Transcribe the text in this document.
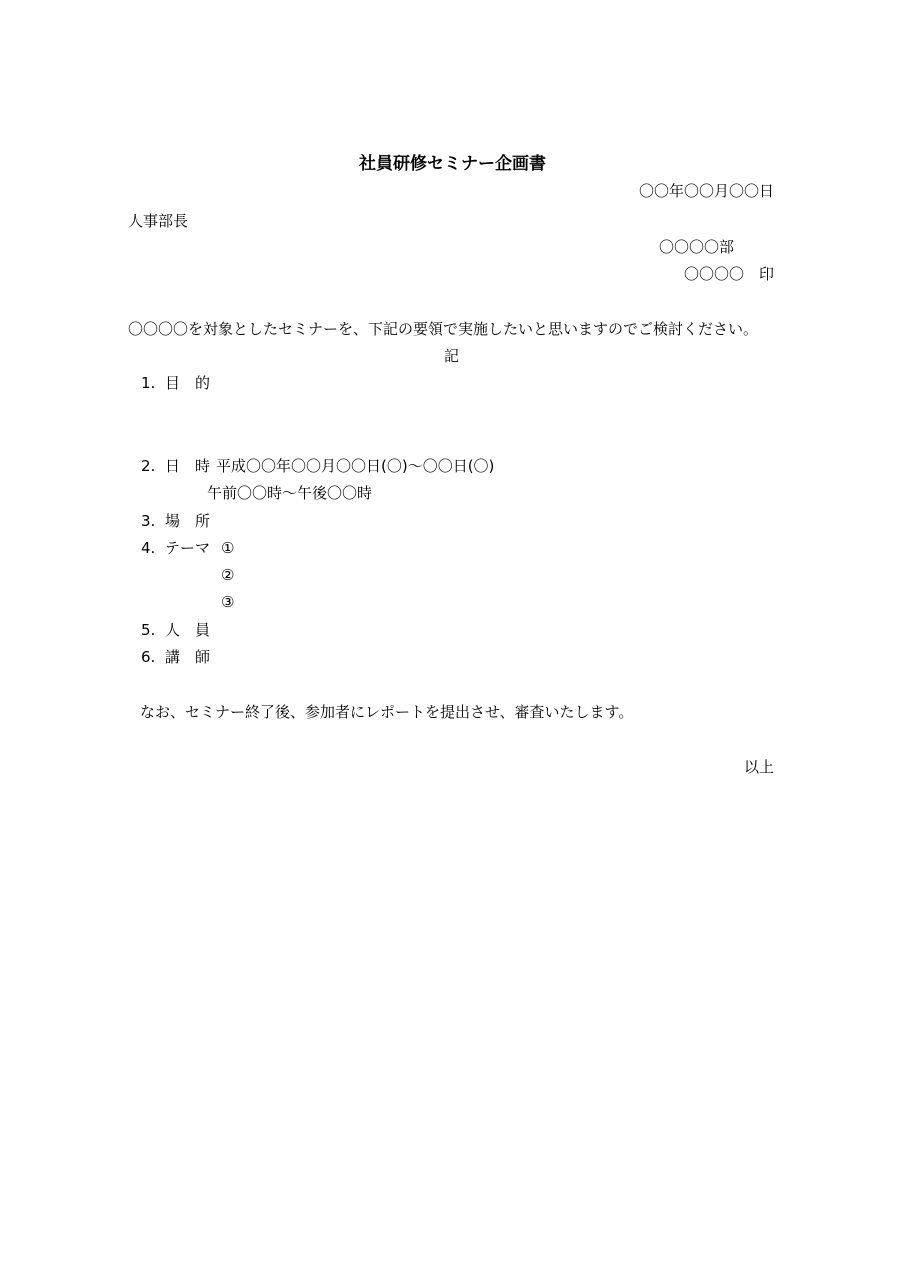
社員研修セミナー企画書
〇〇年〇〇月〇〇日
人事部長
〇〇〇〇部
〇〇〇〇　印
〇〇〇〇を対象としたセミナーを、下記の要領で実施したいと思いますのでご検討ください。
記
1. 目　的
2. 日　時 平成〇〇年〇〇月〇〇日(〇)～〇〇日(〇)
午前〇〇時～午後〇〇時
3. 場　所
4. テーマ ①
②
③
5. 人　員
6. 講　師
なお、セミナー終了後、参加者にレポートを提出させ、審査いたします。
以上
